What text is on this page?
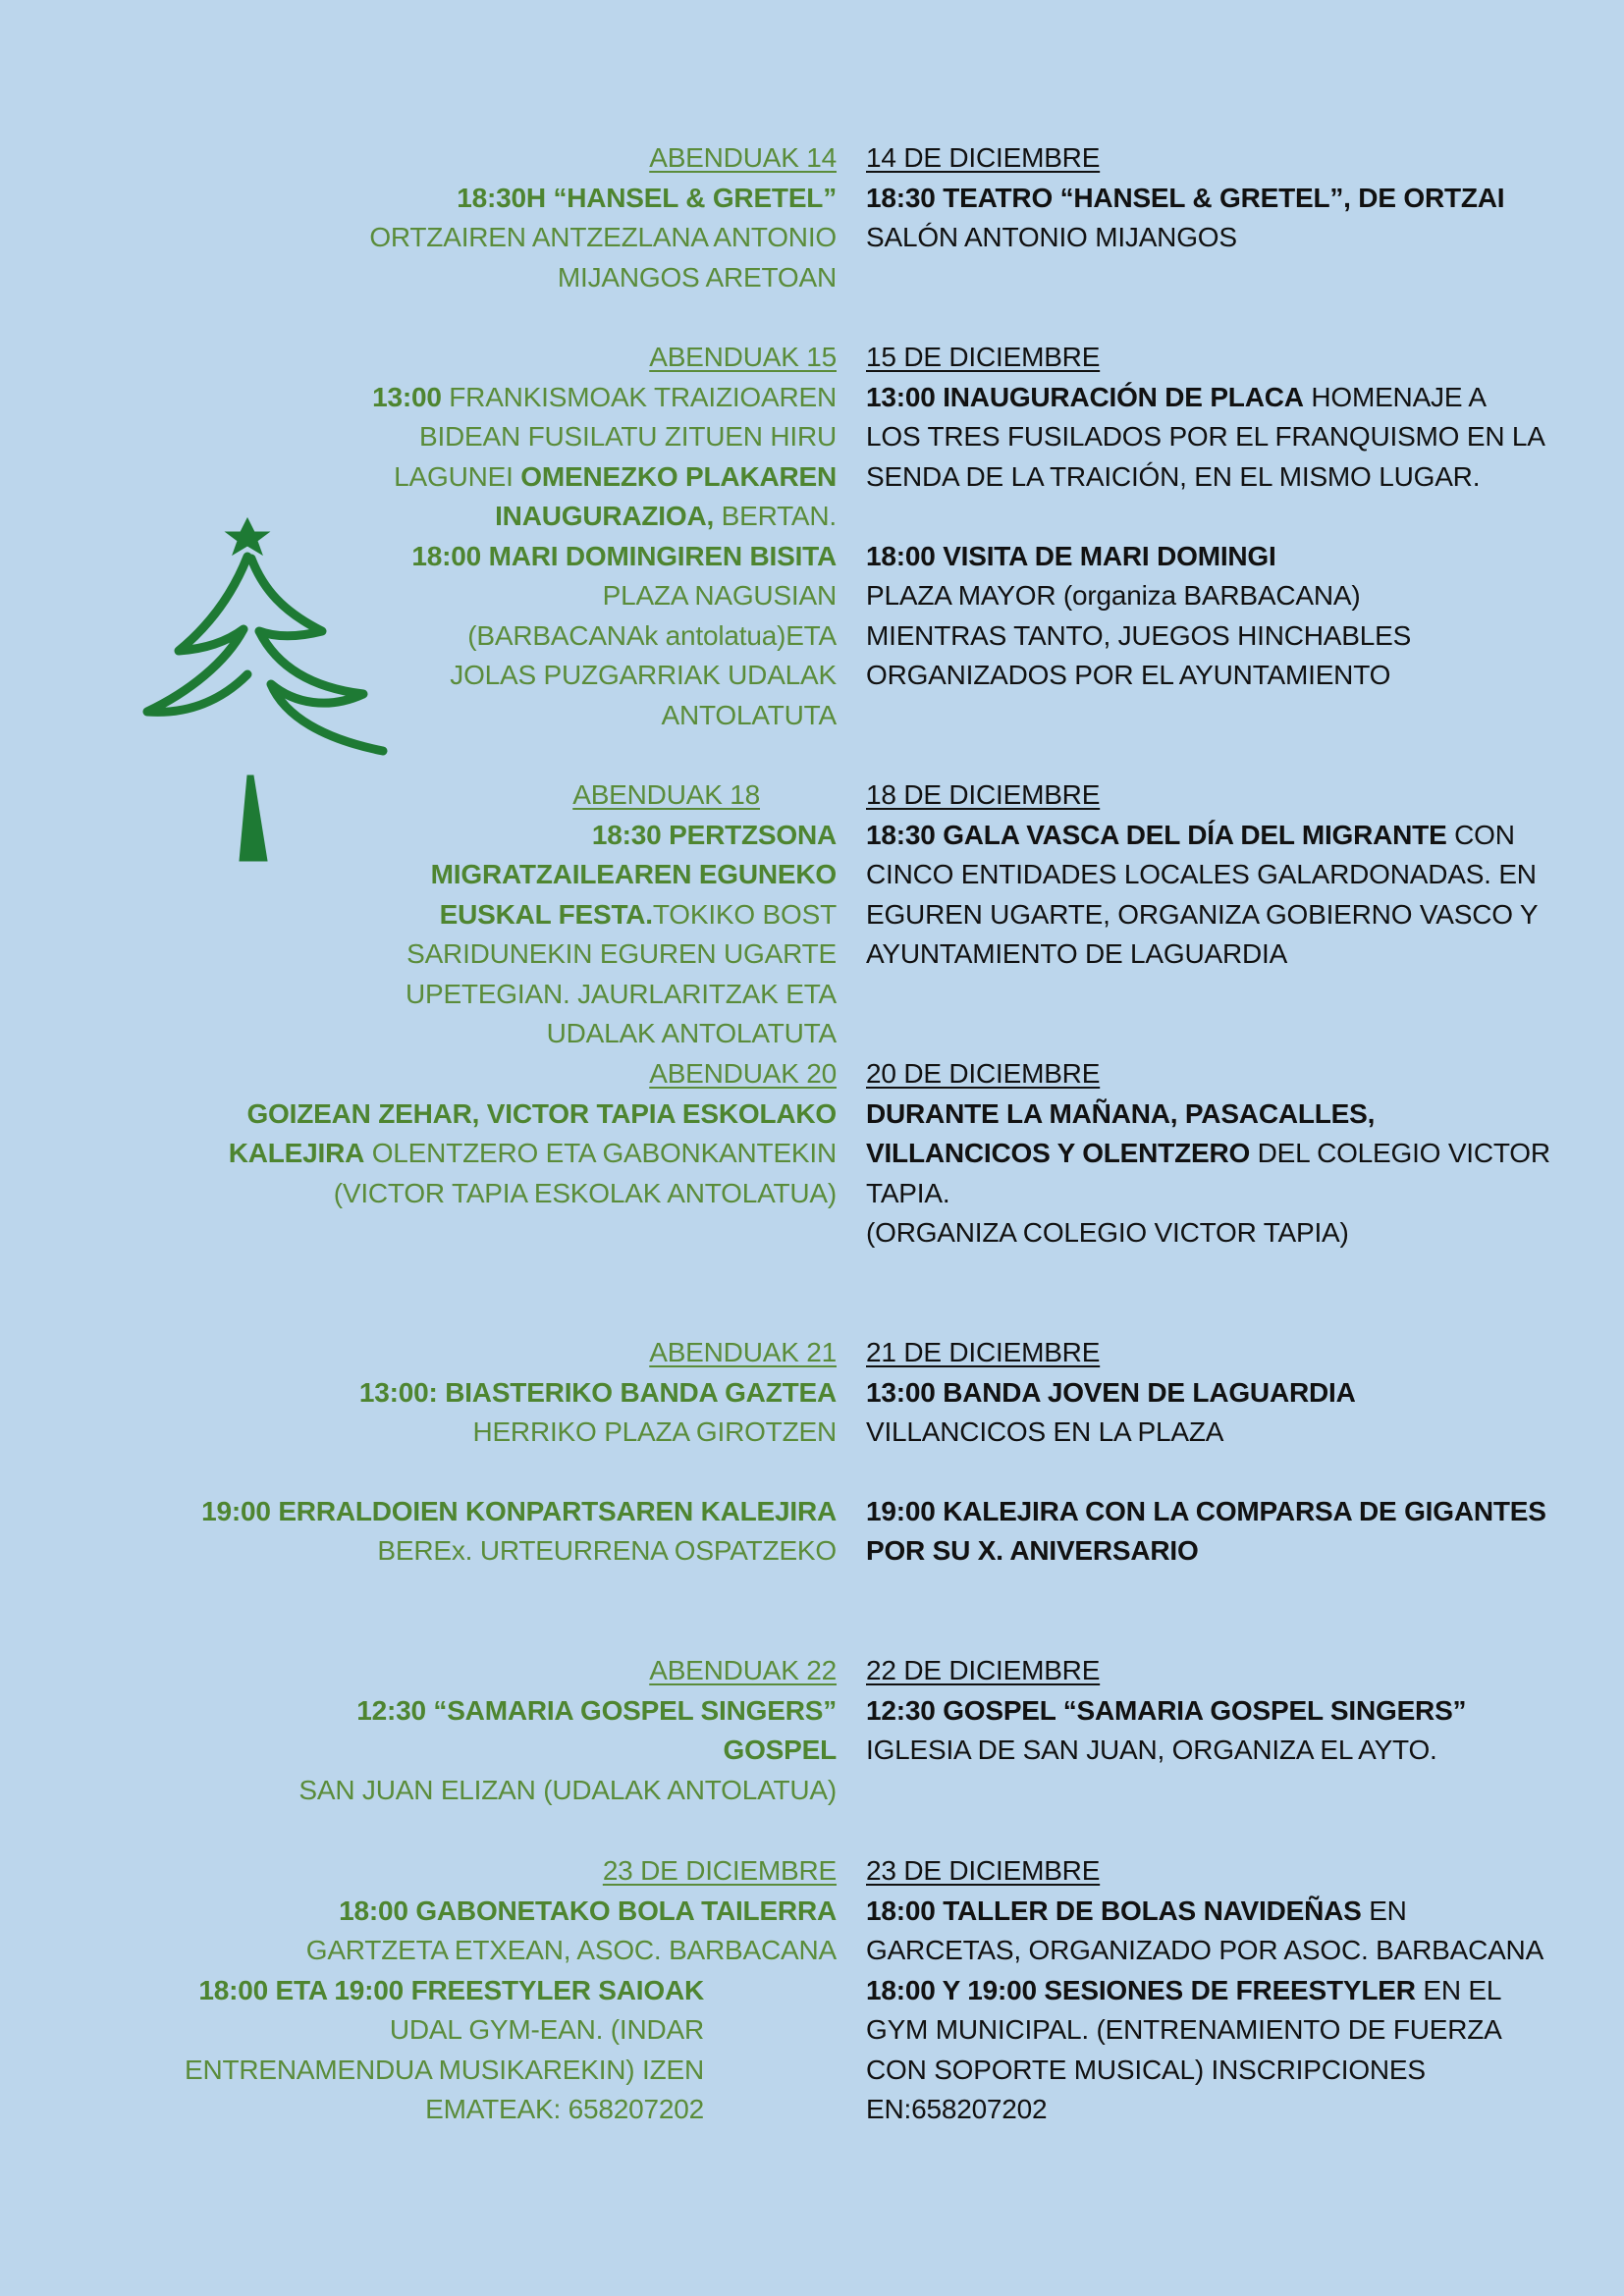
ABENDUAK 14
18:30H “HANSEL & GRETEL”
ORTZAIREN ANTZEZLANA ANTONIO
MIJANGOS ARETOAN
ABENDUAK 15
13:00 FRANKISMOAK TRAIZIOAREN
BIDEAN FUSILATU ZITUEN HIRU
LAGUNEI OMENEZKO PLAKAREN
INAUGURAZIOA, BERTAN.
18:00 MARI DOMINGIREN BISITA
PLAZA NAGUSIAN
(BARBACANAk antolatua)ETA
JOLAS PUZGARRIAK UDALAK
ANTOLATUTA
ABENDUAK 18
18:30 PERTZSONA
MIGRATZAILEAREN EGUNEKO
EUSKAL FESTA.TOKIKO BOST
SARIDUNEKIN EGUREN UGARTE
UPETEGIAN. JAURLARITZAK ETA
UDALAK ANTOLATUTA
ABENDUAK 20
GOIZEAN ZEHAR, VICTOR TAPIA ESKOLAKO
KALEJIRA OLENTZERO ETA GABONKANTEKIN
(VICTOR TAPIA ESKOLAK ANTOLATUA)
ABENDUAK 21
13:00: BIASTERIKO BANDA GAZTEA
HERRIKO PLAZA GIROTZEN
19:00 ERRALDOIEN KONPARTSAREN KALEJIRA
BEREx. URTEURRENA OSPATZEKO
ABENDUAK 22
12:30 “SAMARIA GOSPEL SINGERS”
GOSPEL
SAN JUAN ELIZAN (UDALAK ANTOLATUA)
23 DE DICIEMBRE
18:00 GABONETAKO BOLA TAILERRA
GARTZETA ETXEAN, ASOC. BARBACANA
18:00 ETA 19:00 FREESTYLER SAIOAK
UDAL GYM-EAN. (INDAR
ENTRENAMENDUA MUSIKAREKIN) IZEN
EMATEAK: 658207202
14 DE DICIEMBRE
18:30 TEATRO “HANSEL & GRETEL”, DE ORTZAI
SALÓN ANTONIO MIJANGOS
15 DE DICIEMBRE
13:00 INAUGURACIÓN DE PLACA HOMENAJE A
LOS TRES FUSILADOS POR EL FRANQUISMO EN LA
SENDA DE LA TRAICIÓN, EN EL MISMO LUGAR.
18:00 VISITA DE MARI DOMINGI
PLAZA MAYOR (organiza BARBACANA)
MIENTRAS TANTO, JUEGOS HINCHABLES
ORGANIZADOS POR EL AYUNTAMIENTO
18 DE DICIEMBRE
18:30 GALA VASCA DEL DÍA DEL MIGRANTE CON
CINCO ENTIDADES LOCALES GALARDONADAS. EN
EGUREN UGARTE, ORGANIZA GOBIERNO VASCO Y
AYUNTAMIENTO DE LAGUARDIA
20 DE DICIEMBRE
DURANTE LA MAÑANA, PASACALLES,
VILLANCICOS Y OLENTZERO DEL COLEGIO VICTOR
TAPIA.
(ORGANIZA COLEGIO VICTOR TAPIA)
21 DE DICIEMBRE
13:00 BANDA JOVEN DE LAGUARDIA
VILLANCICOS EN LA PLAZA
19:00 KALEJIRA CON LA COMPARSA DE GIGANTES
POR SU X. ANIVERSARIO
22 DE DICIEMBRE
12:30 GOSPEL “SAMARIA GOSPEL SINGERS”
IGLESIA DE SAN JUAN, ORGANIZA EL AYTO.
23 DE DICIEMBRE
18:00 TALLER DE BOLAS NAVIDEÑAS EN
GARCETAS, ORGANIZADO POR ASOC. BARBACANA
18:00 Y 19:00 SESIONES DE FREESTYLER EN EL
GYM MUNICIPAL. (ENTRENAMIENTO DE FUERZA
CON SOPORTE MUSICAL) INSCRIPCIONES
EN:658207202
